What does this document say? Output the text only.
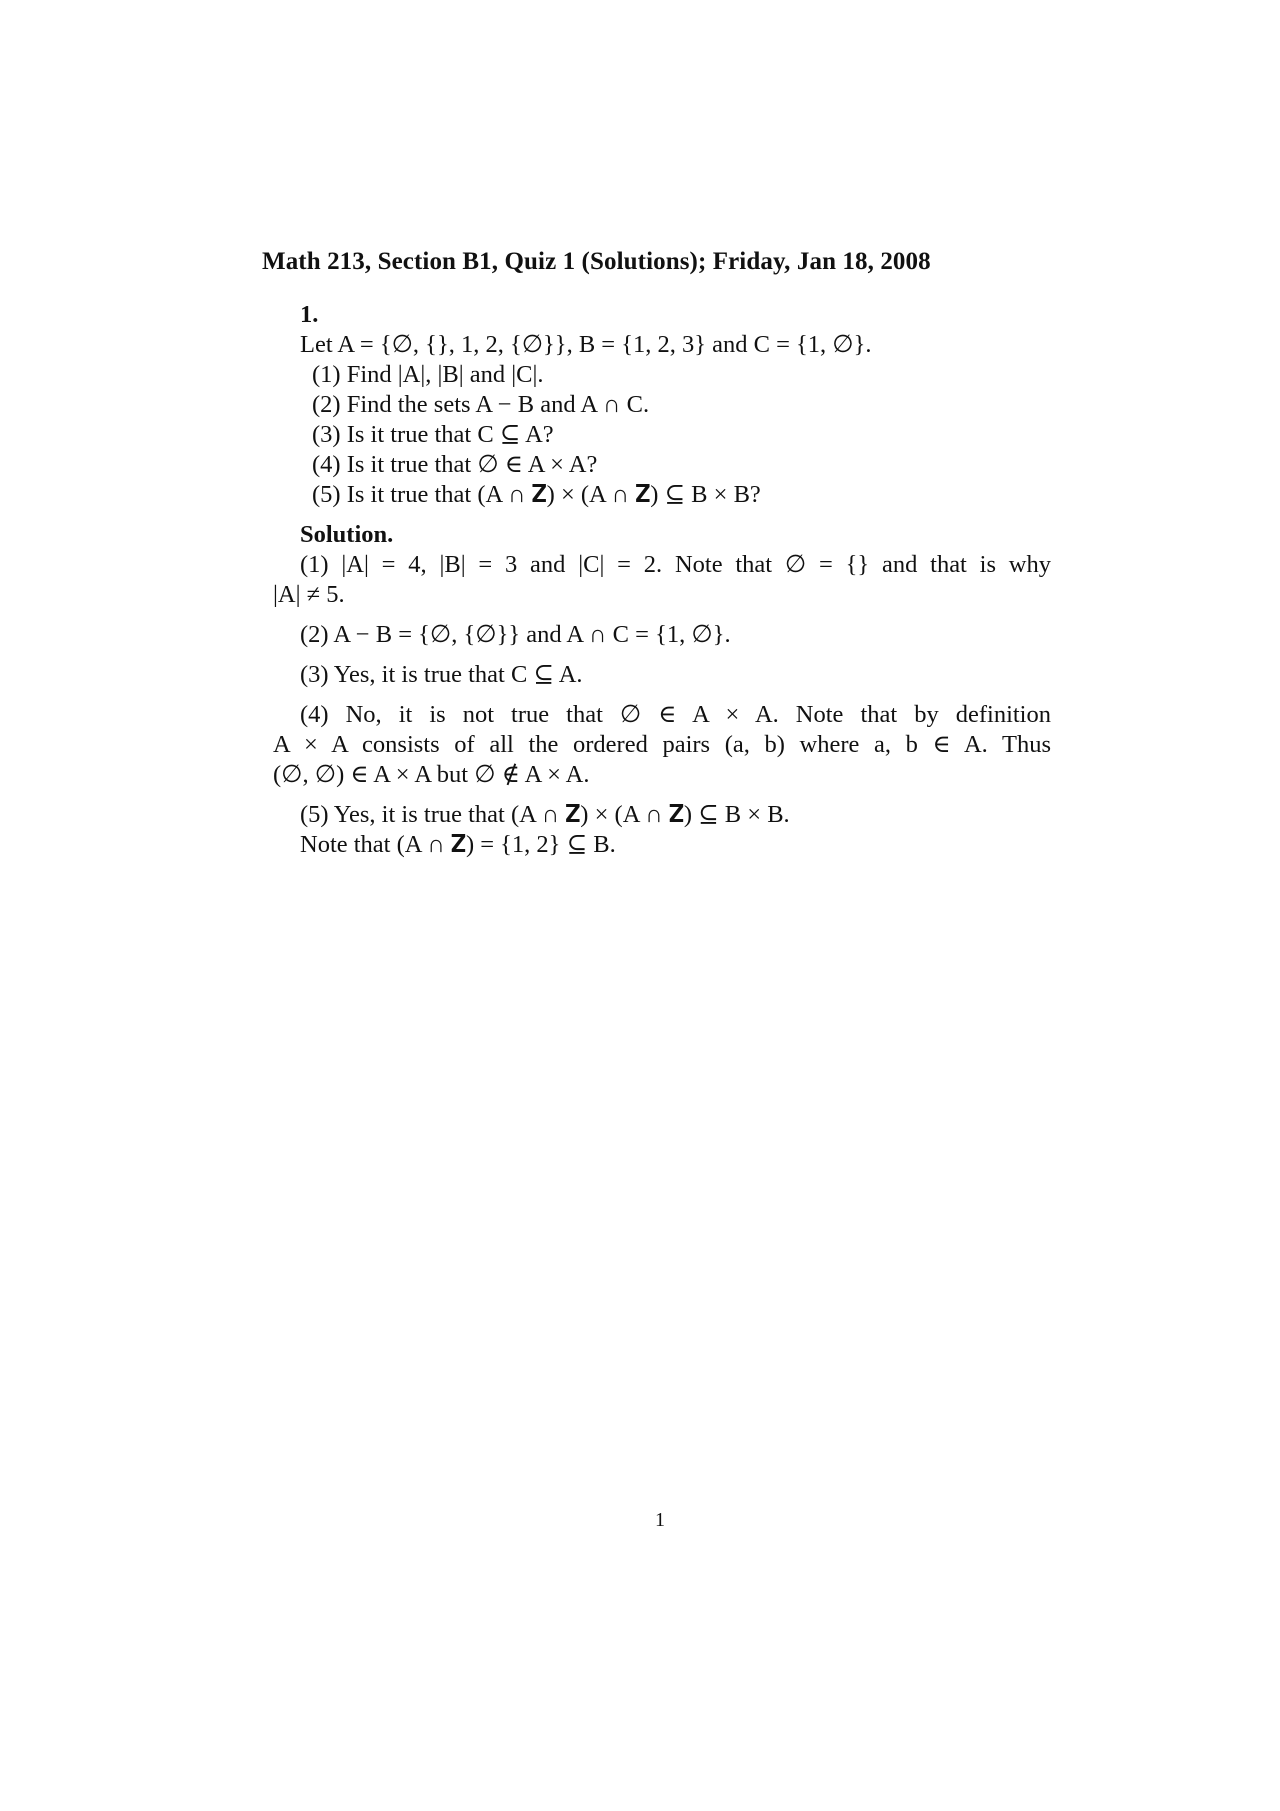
Math 213, Section B1, Quiz 1 (Solutions); Friday, Jan 18, 2008
1.
Let A = {∅, {}, 1, 2, {∅}}, B = {1, 2, 3} and C = {1, ∅}.
(1) Find |A|, |B| and |C|.
(2) Find the sets A − B and A ∩ C.
(3) Is it true that C ⊆ A?
(4) Is it true that ∅ ∈ A × A?
(5) Is it true that (A ∩ 𝐙) × (A ∩ 𝐙) ⊆ B × B?
Solution.
(1) |A| = 4, |B| = 3 and |C| = 2. Note that ∅ = {} and that is why
|A| ≠ 5.
(2) A − B = {∅, {∅}} and A ∩ C = {1, ∅}.
(3) Yes, it is true that C ⊆ A.
(4) No, it is not true that ∅ ∈ A × A. Note that by definition
A × A consists of all the ordered pairs (a, b) where a, b ∈ A. Thus
(∅, ∅) ∈ A × A but ∅ ∉ A × A.
(5) Yes, it is true that (A ∩ 𝐙) × (A ∩ 𝐙) ⊆ B × B.
Note that (A ∩ 𝐙) = {1, 2} ⊆ B.
1
